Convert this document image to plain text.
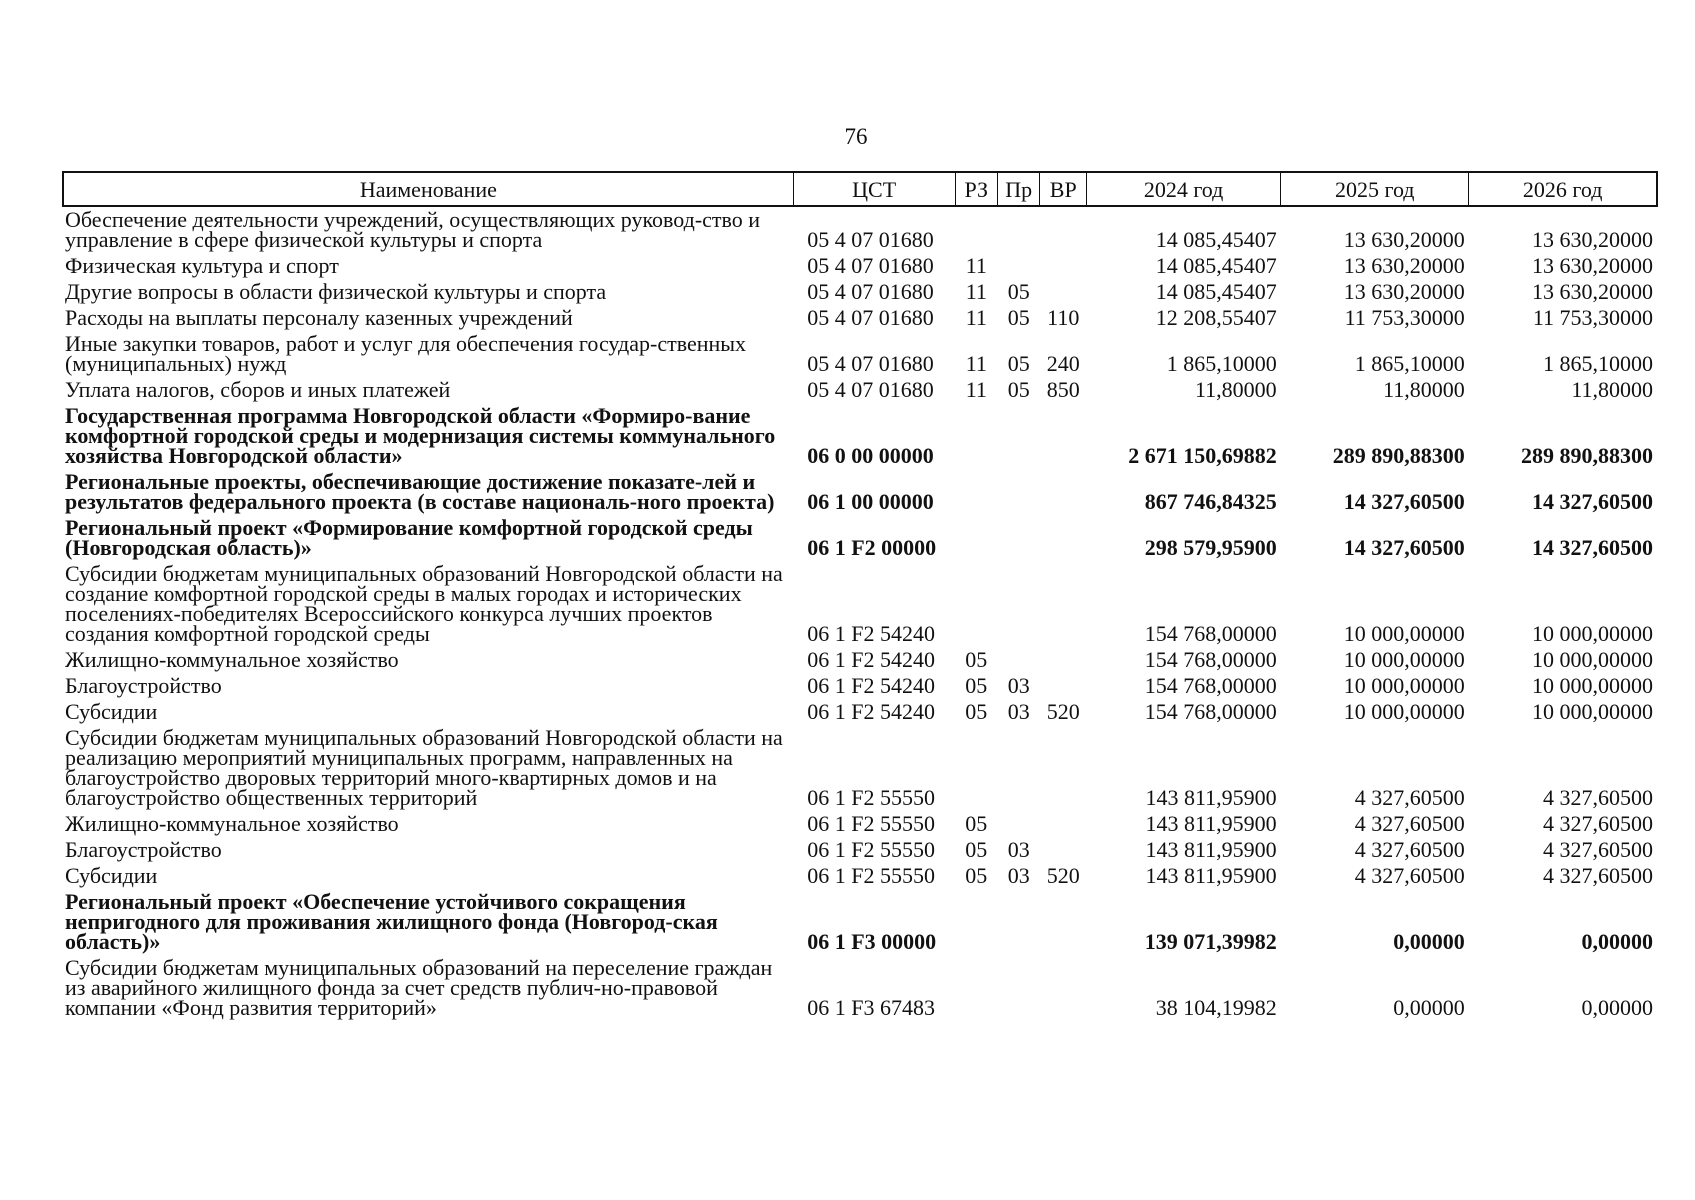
76
Наименование	ЦСТ	РЗ	Пр	ВР	2024 год	2025 год	2026 год
Обеспечение деятельности учреждений, осуществляющих руковод-ство и управление в сфере физической культуры и спорта	05 4 07 01680				14 085,45407	13 630,20000	13 630,20000
Физическая культура и спорт	05 4 07 01680	11			14 085,45407	13 630,20000	13 630,20000
Другие вопросы в области физической культуры и спорта	05 4 07 01680	11	05		14 085,45407	13 630,20000	13 630,20000
Расходы на выплаты персоналу казенных учреждений	05 4 07 01680	11	05	110	12 208,55407	11 753,30000	11 753,30000
Иные закупки товаров, работ и услуг для обеспечения государ-ственных (муниципальных) нужд	05 4 07 01680	11	05	240	1 865,10000	1 865,10000	1 865,10000
Уплата налогов, сборов и иных платежей	05 4 07 01680	11	05	850	11,80000	11,80000	11,80000
Государственная программа Новгородской области «Формиро-вание комфортной городской среды и модернизация системы коммунального хозяйства Новгородской области»	06 0 00 00000				2 671 150,69882	289 890,88300	289 890,88300
Региональные проекты, обеспечивающие достижение показате-лей и результатов федерального проекта (в составе националь-ного проекта)	06 1 00 00000				867 746,84325	14 327,60500	14 327,60500
Региональный проект «Формирование комфортной городской среды (Новгородская область)»	06 1 F2 00000				298 579,95900	14 327,60500	14 327,60500
Субсидии бюджетам муниципальных образований Новгородской области на создание комфортной городской среды в малых городах и исторических поселениях-победителях Всероссийского конкурса лучших проектов создания комфортной городской среды	06 1 F2 54240				154 768,00000	10 000,00000	10 000,00000
Жилищно-коммунальное хозяйство	06 1 F2 54240	05			154 768,00000	10 000,00000	10 000,00000
Благоустройство	06 1 F2 54240	05	03		154 768,00000	10 000,00000	10 000,00000
Субсидии	06 1 F2 54240	05	03	520	154 768,00000	10 000,00000	10 000,00000
Субсидии бюджетам муниципальных образований Новгородской области на реализацию мероприятий муниципальных программ, направленных на благоустройство дворовых территорий много-квартирных домов и на благоустройство общественных территорий	06 1 F2 55550				143 811,95900	4 327,60500	4 327,60500
Жилищно-коммунальное хозяйство	06 1 F2 55550	05			143 811,95900	4 327,60500	4 327,60500
Благоустройство	06 1 F2 55550	05	03		143 811,95900	4 327,60500	4 327,60500
Субсидии	06 1 F2 55550	05	03	520	143 811,95900	4 327,60500	4 327,60500
Региональный проект «Обеспечение устойчивого сокращения непригодного для проживания жилищного фонда (Новгород-ская область)»	06 1 F3 00000				139 071,39982	0,00000	0,00000
Субсидии бюджетам муниципальных образований на переселение граждан из аварийного жилищного фонда за счет средств публич-но-правовой компании «Фонд развития территорий»	06 1 F3 67483				38 104,19982	0,00000	0,00000
